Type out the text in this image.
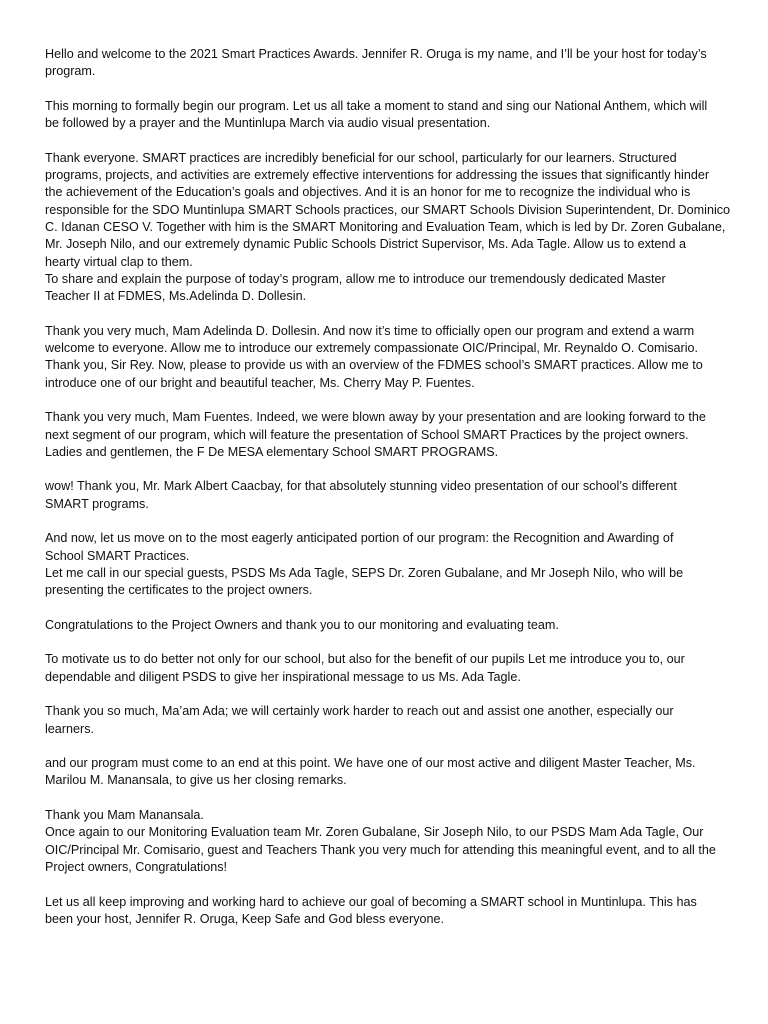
Hello and welcome to the 2021 Smart Practices Awards. Jennifer R. Oruga is my name, and I’ll be your host for today’s
program.

This morning to formally begin our program. Let us all take a moment to stand and sing our National Anthem, which will
be followed by a prayer and the Muntinlupa March via audio visual presentation.

Thank everyone. SMART practices are incredibly beneficial for our school, particularly for our learners. Structured
programs, projects, and activities are extremely effective interventions for addressing the issues that significantly hinder
the achievement of the Education’s goals and objectives. And it is an honor for me to recognize the individual who is
responsible for the SDO Muntinlupa SMART Schools practices, our SMART Schools Division Superintendent, Dr. Dominico
C. Idanan CESO V. Together with him is the SMART Monitoring and Evaluation Team, which is led by Dr. Zoren Gubalane,
Mr. Joseph Nilo, and our extremely dynamic Public Schools District Supervisor, Ms. Ada Tagle. Allow us to extend a
hearty virtual clap to them.
To share and explain the purpose of today’s program, allow me to introduce our tremendously dedicated Master
Teacher II at FDMES, Ms.Adelinda D. Dollesin.

Thank you very much, Mam Adelinda D. Dollesin. And now it’s time to officially open our program and extend a warm
welcome to everyone. Allow me to introduce our extremely compassionate OIC/Principal, Mr. Reynaldo O. Comisario.
Thank you, Sir Rey. Now, please to provide us with an overview of the FDMES school’s SMART practices. Allow me to
introduce one of our bright and beautiful teacher, Ms. Cherry May P. Fuentes.

Thank you very much, Mam Fuentes. Indeed, we were blown away by your presentation and are looking forward to the
next segment of our program, which will feature the presentation of School SMART Practices by the project owners.
Ladies and gentlemen, the F De MESA elementary School SMART PROGRAMS.

wow! Thank you, Mr. Mark Albert Caacbay, for that absolutely stunning video presentation of our school’s different
SMART programs.

And now, let us move on to the most eagerly anticipated portion of our program: the Recognition and Awarding of
School SMART Practices.
Let me call in our special guests, PSDS Ms Ada Tagle, SEPS Dr. Zoren Gubalane, and Mr Joseph Nilo, who will be
presenting the certificates to the project owners.

Congratulations to the Project Owners and thank you to our monitoring and evaluating team.

To motivate us to do better not only for our school, but also for the benefit of our pupils Let me introduce you to, our
dependable and diligent PSDS to give her inspirational message to us Ms. Ada Tagle.

Thank you so much, Ma’am Ada; we will certainly work harder to reach out and assist one another, especially our
learners.

and our program must come to an end at this point. We have one of our most active and diligent Master Teacher, Ms.
Marilou M. Manansala, to give us her closing remarks.

Thank you Mam Manansala.
Once again to our Monitoring Evaluation team Mr. Zoren Gubalane, Sir Joseph Nilo, to our PSDS Mam Ada Tagle, Our
OIC/Principal Mr. Comisario, guest and Teachers Thank you very much for attending this meaningful event, and to all the
Project owners, Congratulations!

Let us all keep improving and working hard to achieve our goal of becoming a SMART school in Muntinlupa. This has
been your host, Jennifer R. Oruga, Keep Safe and God bless everyone.
